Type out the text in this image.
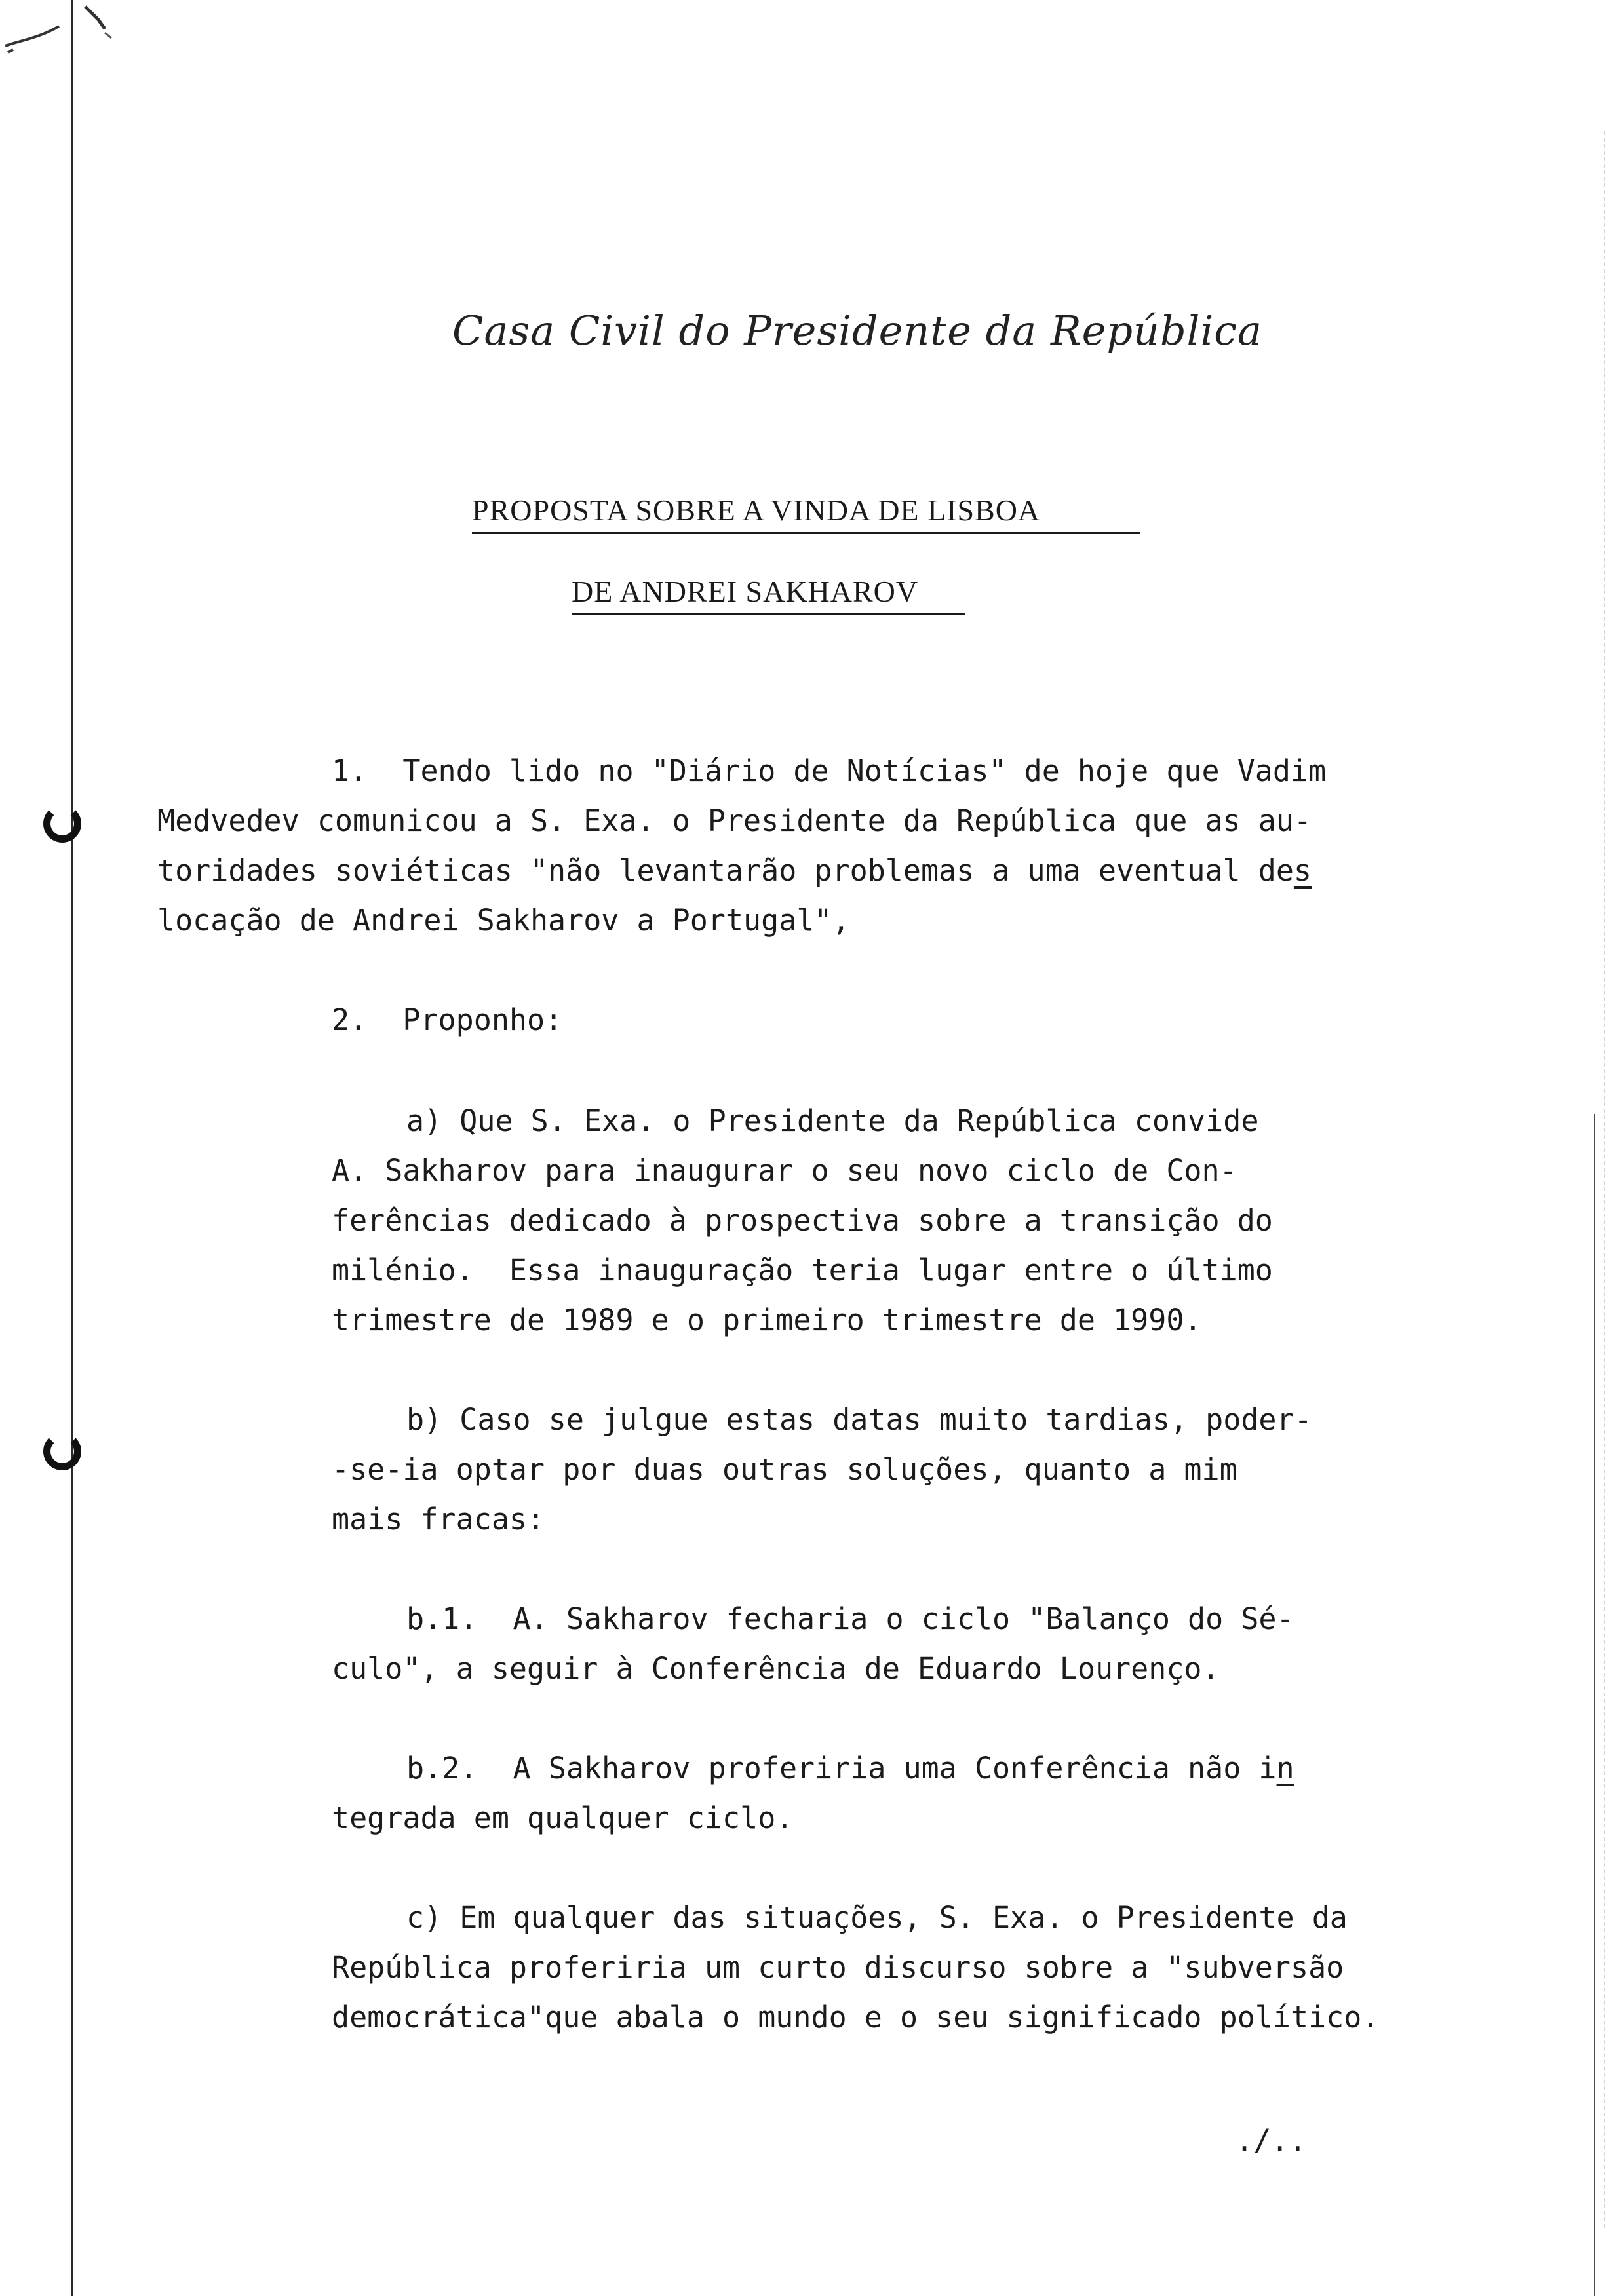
Casa Civil do Presidente da República
PROPOSTA SOBRE A VINDA DE LISBOA
DE ANDREI SAKHAROV
1.  Tendo lido no "Diário de Notícias" de hoje que Vadim
Medvedev comunicou a S. Exa. o Presidente da República que as au-
toridades soviéticas "não levantarão problemas a uma eventual des
locação de Andrei Sakharov a Portugal",
2.  Proponho:
a) Que S. Exa. o Presidente da República convide
A. Sakharov para inaugurar o seu novo ciclo de Con-
ferências dedicado à prospectiva sobre a transição do
milénio.  Essa inauguração teria lugar entre o último
trimestre de 1989 e o primeiro trimestre de 1990.
b) Caso se julgue estas datas muito tardias, poder-
-se-ia optar por duas outras soluções, quanto a mim
mais fracas:
b.1.  A. Sakharov fecharia o ciclo "Balanço do Sé-
culo", a seguir à Conferência de Eduardo Lourenço.
b.2.  A Sakharov proferiria uma Conferência não in
tegrada em qualquer ciclo.
c) Em qualquer das situações, S. Exa. o Presidente da
República proferiria um curto discurso sobre a "subversão
democrática"que abala o mundo e o seu significado político.
./..
